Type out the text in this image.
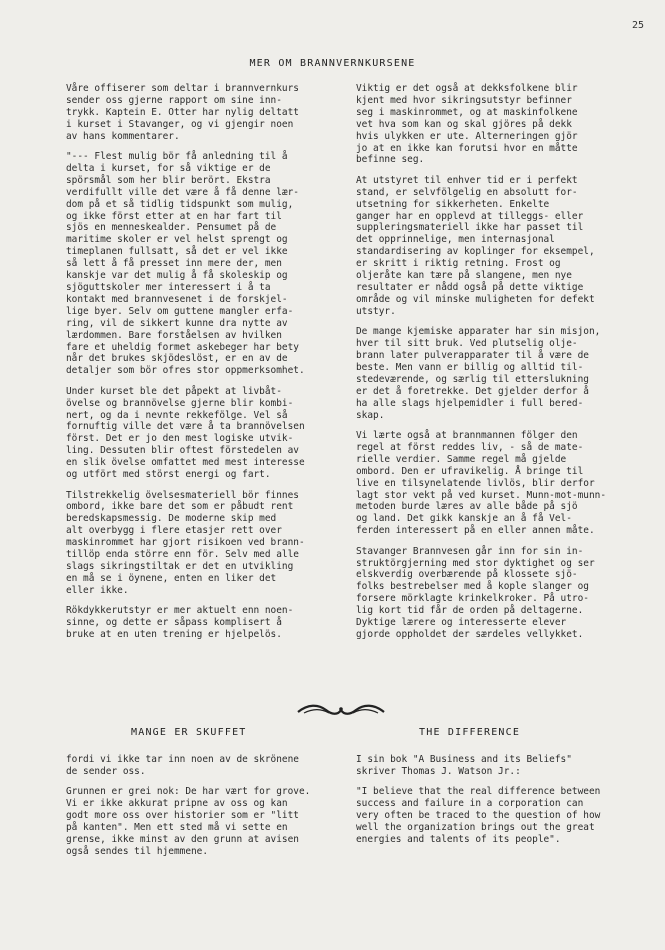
25
MER OM BRANNVERNKURSENE

Våre offiserer som deltar i brannvernkurs
sender oss gjerne rapport om sine inn-
trykk. Kaptein E. Otter har nylig deltatt
i kurset i Stavanger, og vi gjengir noen
av hans kommentarer.

"--- Flest mulig bör få anledning til å
delta i kurset, for så viktige er de
spörsmål som her blir berört. Ekstra
verdifullt ville det være å få denne lær-
dom på et så tidlig tidspunkt som mulig,
og ikke först etter at en har fart til
sjös en menneskealder. Pensumet på de
maritime skoler er vel helst sprengt og
timeplanen fullsatt, så det er vel ikke
så lett å få presset inn mere der, men
kanskje var det mulig å få skoleskip og
sjöguttskoler mer interessert i å ta
kontakt med brannvesenet i de forskjel-
lige byer. Selv om guttene mangler erfa-
ring, vil de sikkert kunne dra nytte av
lærdommen. Bare forståelsen av hvilken
fare et uheldig formet askebeger har bety
når det brukes skjödeslöst, er en av de
detaljer som bör ofres stor oppmerksomhet.

Under kurset ble det påpekt at livbåt-
övelse og brannövelse gjerne blir kombi-
nert, og da i nevnte rekkefölge. Vel så
fornuftig ville det være å ta brannövelsen
först. Det er jo den mest logiske utvik-
ling. Dessuten blir oftest förstedelen av
en slik övelse omfattet med mest interesse
og utfört med störst energi og fart.

Tilstrekkelig övelsesmateriell bör finnes
ombord, ikke bare det som er påbudt rent
beredskapsmessig. De moderne skip med
alt overbygg i flere etasjer rett over
maskinrommet har gjort risikoen ved brann-
tillöp enda större enn för. Selv med alle
slags sikringstiltak er det en utvikling
en må se i öynene, enten en liker det
eller ikke.

Rökdykkerutstyr er mer aktuelt enn noen-
sinne, og dette er såpass komplisert å
bruke at en uten trening er hjelpelös.

Viktig er det også at dekksfolkene blir
kjent med hvor sikringsutstyr befinner
seg i maskinrommet, og at maskinfolkene
vet hva som kan og skal gjöres på dekk
hvis ulykken er ute. Alterneringen gjör
jo at en ikke kan forutsi hvor en måtte
befinne seg.

At utstyret til enhver tid er i perfekt
stand, er selvfölgelig en absolutt for-
utsetning for sikkerheten. Enkelte
ganger har en opplevd at tilleggs- eller
suppleringsmateriell ikke har passet til
det opprinnelige, men internasjonal
standardisering av koplinger for eksempel,
er skritt i riktig retning. Frost og
oljeråte kan tære på slangene, men nye
resultater er nådd også på dette viktige
område og vil minske muligheten for defekt
utstyr.

De mange kjemiske apparater har sin misjon,
hver til sitt bruk. Ved plutselig olje-
brann later pulverapparater til å være de
beste. Men vann er billig og alltid til-
stedeværende, og særlig til etterslukning
er det å foretrekke. Det gjelder derfor å
ha alle slags hjelpemidler i full bered-
skap.

Vi lærte også at brannmannen fölger den
regel at först reddes liv, - så de mate-
rielle verdier. Samme regel må gjelde
ombord. Den er ufravikelig. Å bringe til
live en tilsynelatende livlös, blir derfor
lagt stor vekt på ved kurset. Munn-mot-munn-
metoden burde læres av alle både på sjö
og land. Det gikk kanskje an å få Vel-
ferden interessert på en eller annen måte.

Stavanger Brannvesen går inn for sin in-
struktörgjerning med stor dyktighet og ser
elskverdig overbærende på klossete sjö-
folks bestrebelser med å kople slanger og
forsere mörklagte krinkelkroker. På utro-
lig kort tid får de orden på deltagerne.
Dyktige lærere og interesserte elever
gjorde oppholdet der særdeles vellykket.

MANGE ER SKUFFET	THE DIFFERENCE

fordi vi ikke tar inn noen av de skrönene
de sender oss.

Grunnen er grei nok: De har vært for grove.
Vi er ikke akkurat pripne av oss og kan
godt more oss over historier som er "litt
på kanten". Men ett sted må vi sette en
grense, ikke minst av den grunn at avisen
også sendes til hjemmene.

I sin bok "A Business and its Beliefs"
skriver Thomas J. Watson Jr.:

"I believe that the real difference between
success and failure in a corporation can
very often be traced to the question of how
well the organization brings out the great
energies and talents of its people".
